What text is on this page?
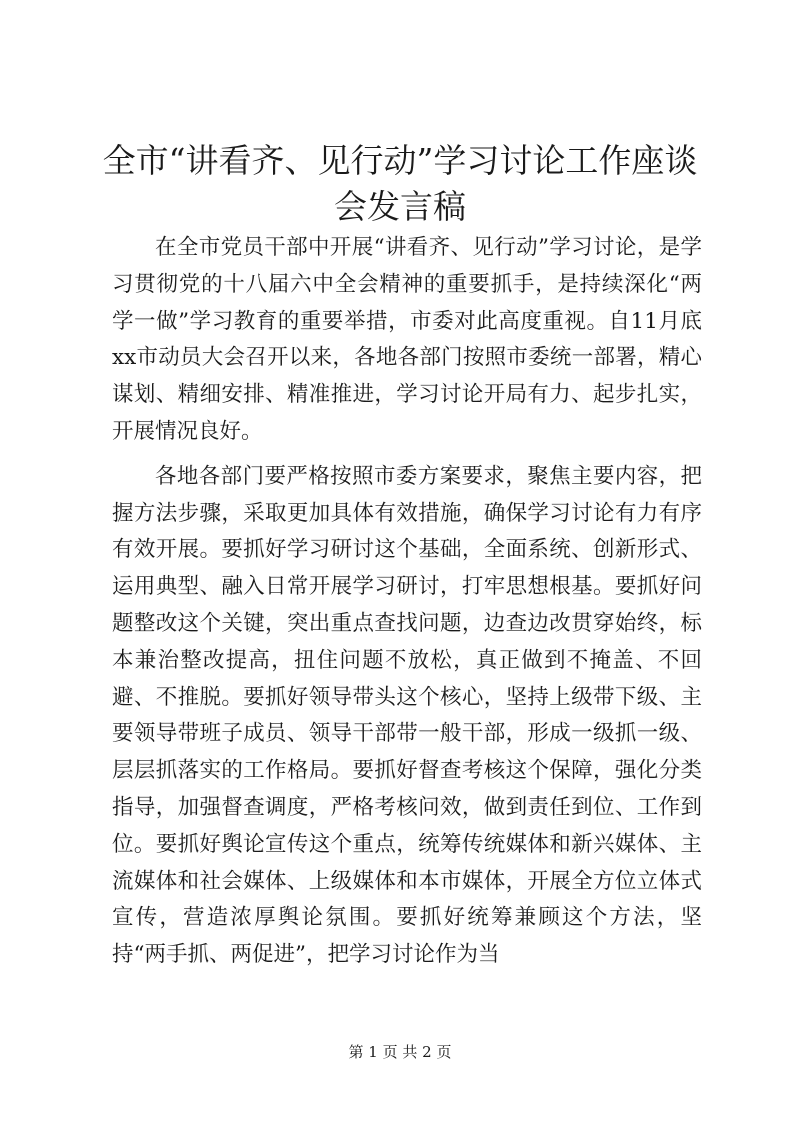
全市“讲看齐、见行动”学习讨论工作座谈会发言稿

在全市党员干部中开展“讲看齐、见行动”学习讨论，是学习贯彻党的十八届六中全会精神的重要抓手，是持续深化“两学一做”学习教育的重要举措，市委对此高度重视。自11月底xx市动员大会召开以来，各地各部门按照市委统一部署，精心谋划、精细安排、精准推进，学习讨论开局有力、起步扎实，开展情况良好。

各地各部门要严格按照市委方案要求，聚焦主要内容，把握方法步骤，采取更加具体有效措施，确保学习讨论有力有序有效开展。要抓好学习研讨这个基础，全面系统、创新形式、运用典型、融入日常开展学习研讨，打牢思想根基。要抓好问题整改这个关键，突出重点查找问题，边查边改贯穿始终，标本兼治整改提高，扭住问题不放松，真正做到不掩盖、不回避、不推脱。要抓好领导带头这个核心，坚持上级带下级、主要领导带班子成员、领导干部带一般干部，形成一级抓一级、层层抓落实的工作格局。要抓好督查考核这个保障，强化分类指导，加强督查调度，严格考核问效，做到责任到位、工作到位。要抓好舆论宣传这个重点，统筹传统媒体和新兴媒体、主流媒体和社会媒体、上级媒体和本市媒体，开展全方位立体式宣传，营造浓厚舆论氛围。要抓好统筹兼顾这个方法，坚持“两手抓、两促进”，把学习讨论作为当

第 1 页 共 2 页
